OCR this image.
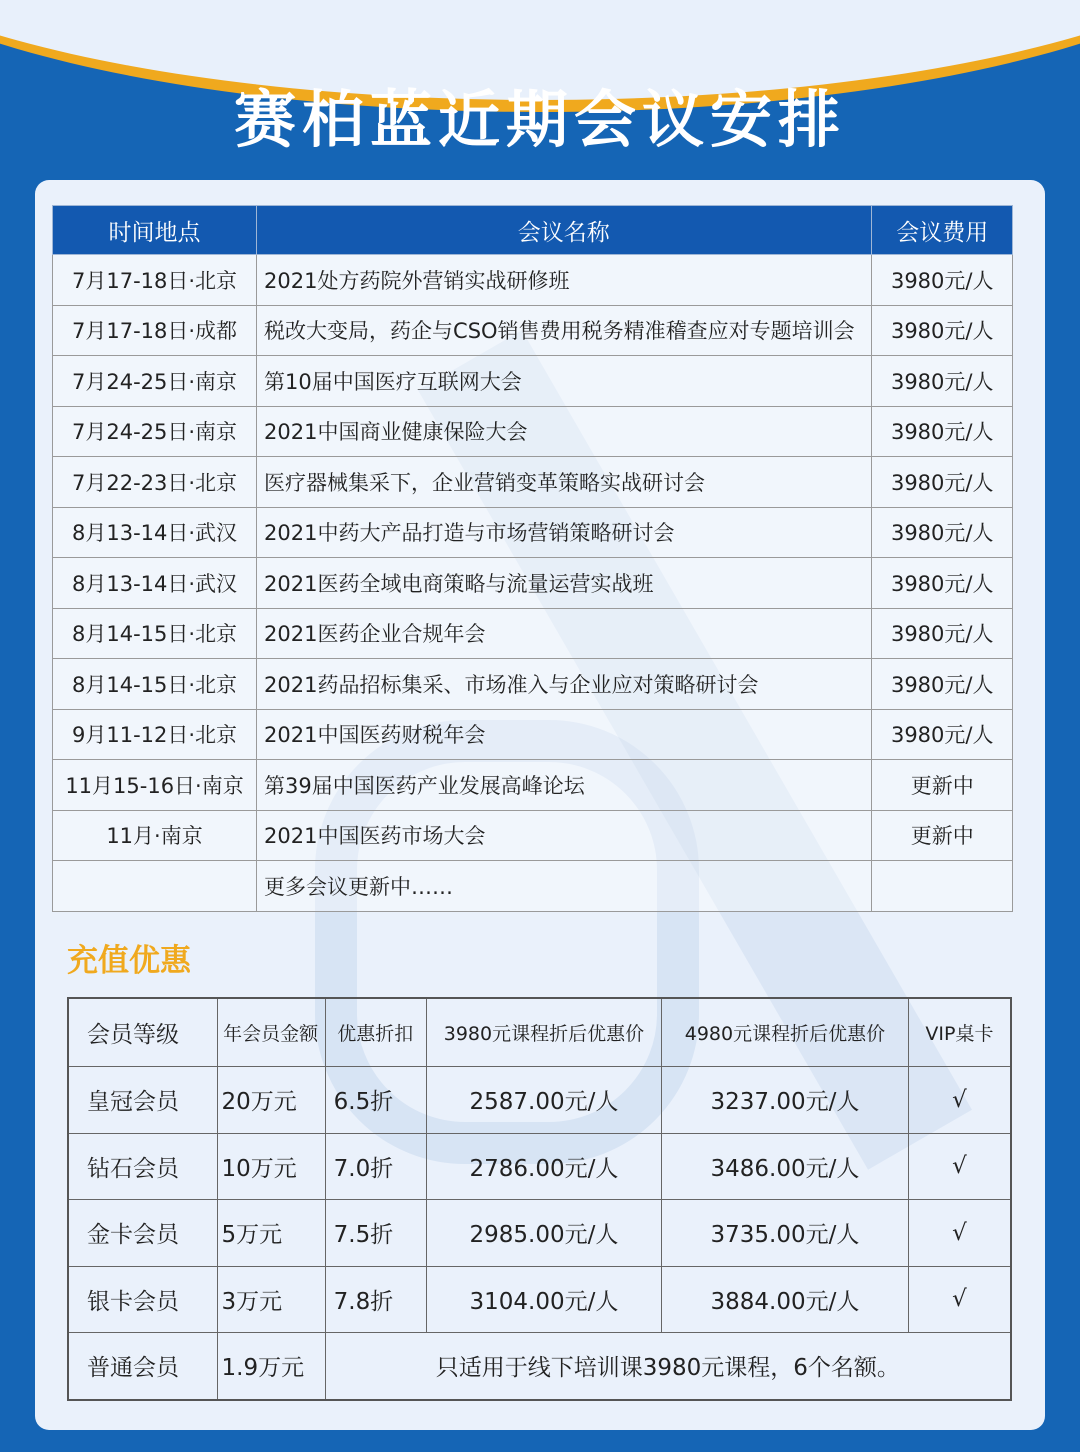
赛柏蓝近期会议安排
时间地点	会议名称	会议费用
7月17-18日·北京	2021处方药院外营销实战研修班	3980元/人
7月17-18日·成都	税改大变局，药企与CSO销售费用税务精准稽查应对专题培训会	3980元/人
7月24-25日·南京	第10届中国医疗互联网大会	3980元/人
7月24-25日·南京	2021中国商业健康保险大会	3980元/人
7月22-23日·北京	医疗器械集采下，企业营销变革策略实战研讨会	3980元/人
8月13-14日·武汉	2021中药大产品打造与市场营销策略研讨会	3980元/人
8月13-14日·武汉	2021医药全域电商策略与流量运营实战班	3980元/人
8月14-15日·北京	2021医药企业合规年会	3980元/人
8月14-15日·北京	2021药品招标集采、市场准入与企业应对策略研讨会	3980元/人
9月11-12日·北京	2021中国医药财税年会	3980元/人
11月15-16日·南京	第39届中国医药产业发展高峰论坛	更新中
11月·南京	2021中国医药市场大会	更新中
	更多会议更新中……	
充值优惠
会员等级	年会员金额	优惠折扣	3980元课程折后优惠价	4980元课程折后优惠价	VIP桌卡
皇冠会员	20万元	6.5折	2587.00元/人	3237.00元/人	√
钻石会员	10万元	7.0折	2786.00元/人	3486.00元/人	√
金卡会员	5万元	7.5折	2985.00元/人	3735.00元/人	√
银卡会员	3万元	7.8折	3104.00元/人	3884.00元/人	√
普通会员	1.9万元	只适用于线下培训课3980元课程，6个名额。			
